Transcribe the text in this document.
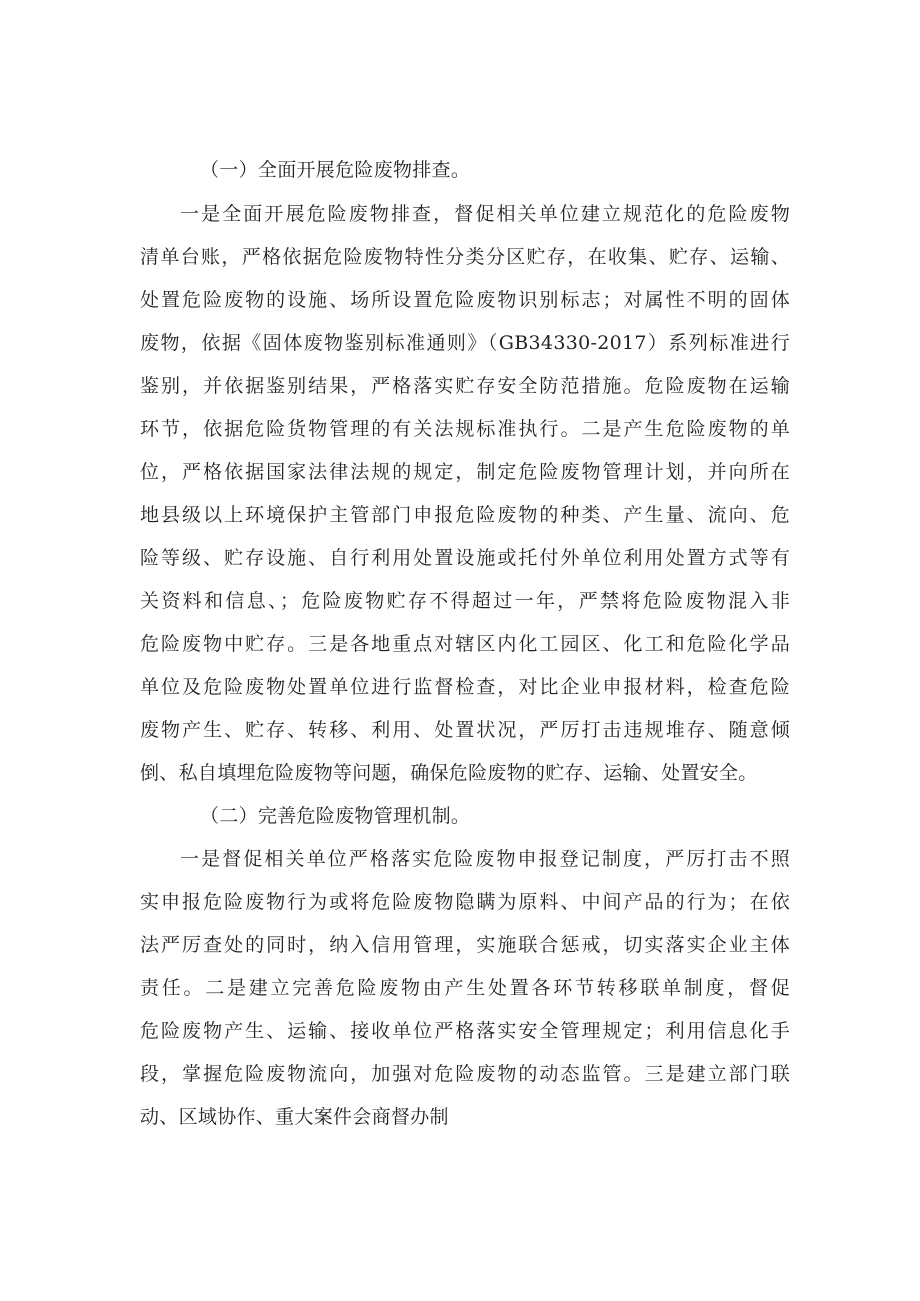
（一）全面开展危险废物排查。
一是全面开展危险废物排查，督促相关单位建立规范化的危险废物
清单台账，严格依据危险废物特性分类分区贮存，在收集、贮存、运输、
处置危险废物的设施、场所设置危险废物识别标志；对属性不明的固体
废物，依据《固体废物鉴别标准通则》（GB34330-2017）系列标准进行
鉴别，并依据鉴别结果，严格落实贮存安全防范措施。危险废物在运输
环节，依据危险货物管理的有关法规标准执行。二是产生危险废物的单
位，严格依据国家法律法规的规定，制定危险废物管理计划，并向所在
地县级以上环境保护主管部门申报危险废物的种类、产生量、流向、危
险等级、贮存设施、自行利用处置设施或托付外单位利用处置方式等有
关资料和信息、；危险废物贮存不得超过一年，严禁将危险废物混入非
危险废物中贮存。三是各地重点对辖区内化工园区、化工和危险化学品
单位及危险废物处置单位进行监督检查，对比企业申报材料，检查危险
废物产生、贮存、转移、利用、处置状况，严厉打击违规堆存、随意倾
倒、私自填埋危险废物等问题，确保危险废物的贮存、运输、处置安全。
（二）完善危险废物管理机制。
一是督促相关单位严格落实危险废物申报登记制度，严厉打击不照
实申报危险废物行为或将危险废物隐瞒为原料、中间产品的行为；在依
法严厉查处的同时，纳入信用管理，实施联合惩戒，切实落实企业主体
责任。二是建立完善危险废物由产生处置各环节转移联单制度，督促
危险废物产生、运输、接收单位严格落实安全管理规定；利用信息化手
段，掌握危险废物流向，加强对危险废物的动态监管。三是建立部门联
动、区域协作、重大案件会商督办制
